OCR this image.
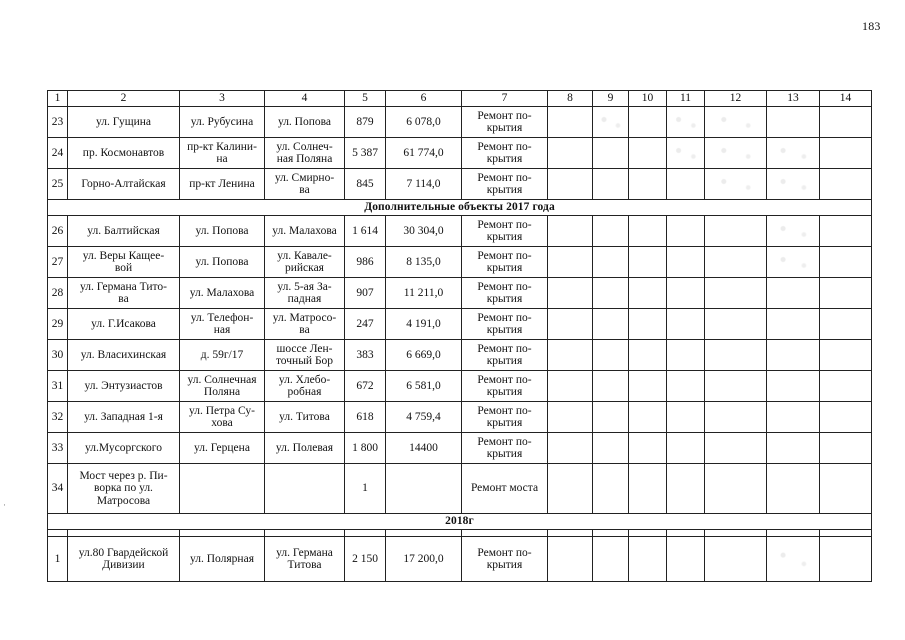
183
1	2	3	4	5	6	7	8	9	10	11	12	13	14
23	ул. Гущина	ул. Рубусина	ул. Попова	879	6 078,0	Ремонт по-
крытия							
24	пр. Космонавтов	пр-кт Калини-
на	ул. Солнеч-
ная Поляна	5 387	61 774,0	Ремонт по-
крытия							
25	Горно-Алтайская	пр-кт Ленина	ул. Смирно-
ва	845	7 114,0	Ремонт по-
крытия							
Дополнительные объекты 2017 года													
26	ул. Балтийская	ул. Попова	ул. Малахова	1 614	30 304,0	Ремонт по-
крытия							
27	ул. Веры Кащее-
вой	ул. Попова	ул. Кавале-
рийская	986	8 135,0	Ремонт по-
крытия							
28	ул. Германа Тито-
ва	ул. Малахова	ул. 5-ая За-
падная	907	11 211,0	Ремонт по-
крытия							
29	ул. Г.Исакова	ул. Телефон-
ная	ул. Матросо-
ва	247	4 191,0	Ремонт по-
крытия							
30	ул. Власихинская	д. 59г/17	шоссе Лен-
точный Бор	383	6 669,0	Ремонт по-
крытия							
31	ул. Энтузиастов	ул. Солнечная
Поляна	ул. Хлебо-
робная	672	6 581,0	Ремонт по-
крытия							
32	ул. Западная 1-я	ул. Петра Су-
хова	ул. Титова	618	4 759,4	Ремонт по-
крытия							
33	ул.Мусоргского	ул. Герцена	ул. Полевая	1 800	14400	Ремонт по-
крытия							
34	Мост через р. Пи-
ворка по ул.
Матросова			1		Ремонт моста							
2018г													

1	ул.80 Гвардейской
Дивизии	ул. Полярная	ул. Германа
Титова	2 150	17 200,0	Ремонт по-
крытия							
·
